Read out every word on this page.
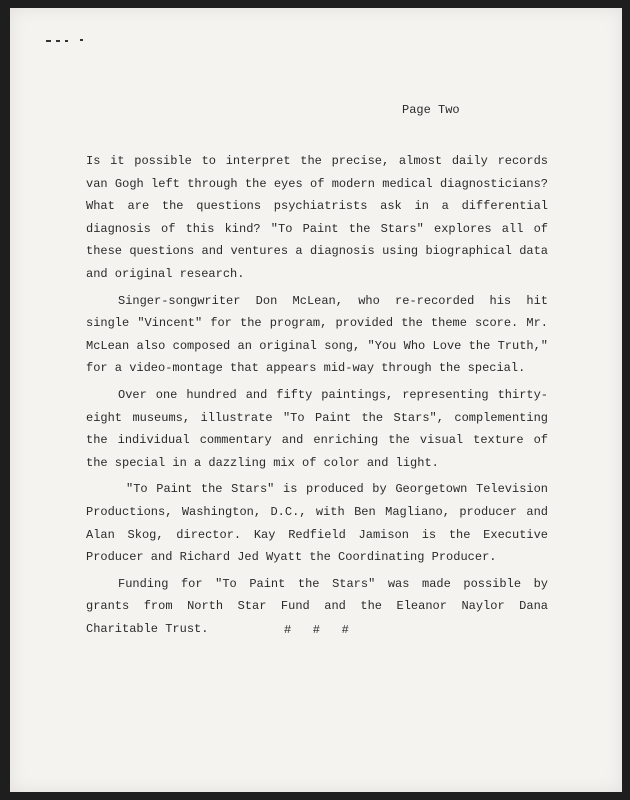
Page Two

Is it possible to interpret the precise, almost daily records van Gogh left through the eyes of modern medical diagnosticians? What are the questions psychiatrists ask in a differential diagnosis of this kind? "To Paint the Stars" explores all of these questions and ventures a diagnosis using biographical data and original research.

Singer-songwriter Don McLean, who re-recorded his hit single "Vincent" for the program, provided the theme score. Mr. McLean also composed an original song, "You Who Love the Truth," for a video-montage that appears mid-way through the special.

Over one hundred and fifty paintings, representing thirty-eight museums, illustrate "To Paint the Stars", complementing the individual commentary and enriching the visual texture of the special in a dazzling mix of color and light.

"To Paint the Stars" is produced by Georgetown Television Productions, Washington, D.C., with Ben Magliano, producer and Alan Skog, director. Kay Redfield Jamison is the Executive Producer and Richard Jed Wyatt the Coordinating Producer.

Funding for "To Paint the Stars" was made possible by grants from North Star Fund and the Eleanor Naylor Dana Charitable Trust.	#   #   #
